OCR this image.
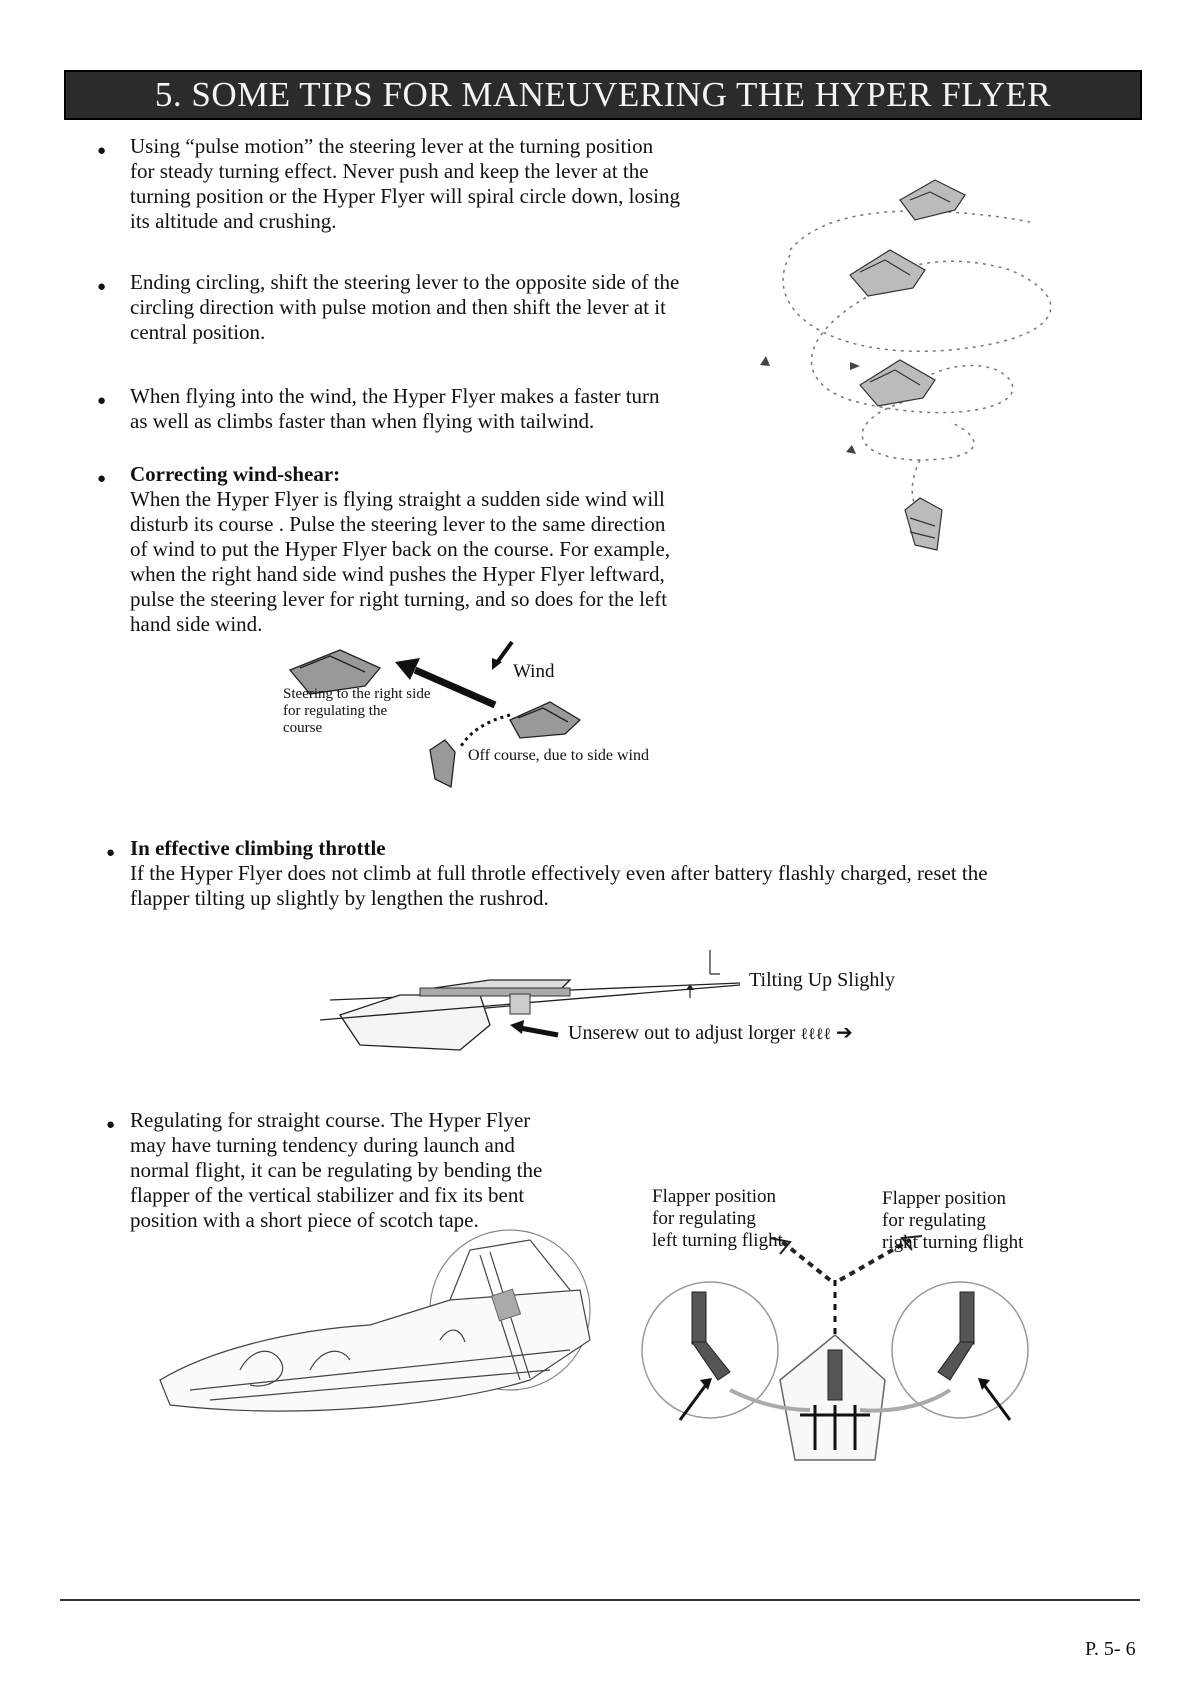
5. SOME TIPS FOR MANEUVERING THE HYPER FLYER
● Using “pulse motion” the steering lever at the turning position
for steady turning effect. Never push and keep the lever at the
turning position or the Hyper Flyer will spiral circle down, losing
its altitude and crushing.
● Ending circling, shift the steering lever to the opposite side of the
circling direction with pulse motion and then shift the lever at it
central position.
● When flying into the wind, the Hyper Flyer makes a faster turn
as well as climbs faster than when flying with tailwind.
● Correcting wind-shear:
When the Hyper Flyer is flying straight a sudden side wind will
disturb its course . Pulse the steering lever to the same direction
of wind to put the Hyper Flyer back on the course. For example,
when the right hand side wind pushes the Hyper Flyer leftward,
pulse the steering lever for right turning, and so does for the left
hand side wind.
Wind
Steering to the right side
for regulating the
course
Off course, due to side wind
● In effective climbing throttle
If the Hyper Flyer does not climb at full throtle effectively even after battery flashly charged, reset the
flapper tilting up slightly by lengthen the rushrod.
Tilting Up Slighly
Unserew out to adjust lorger ℓℓℓℓ ➔
● Regulating for straight course. The Hyper Flyer
may have turning tendency during launch and
normal flight, it can be regulating by bending the
flapper of the vertical stabilizer and fix its bent
position with a short piece of scotch tape.
Flapper position
for regulating
left turning flight
Flapper position
for regulating
right turning flight
P. 5- 6
